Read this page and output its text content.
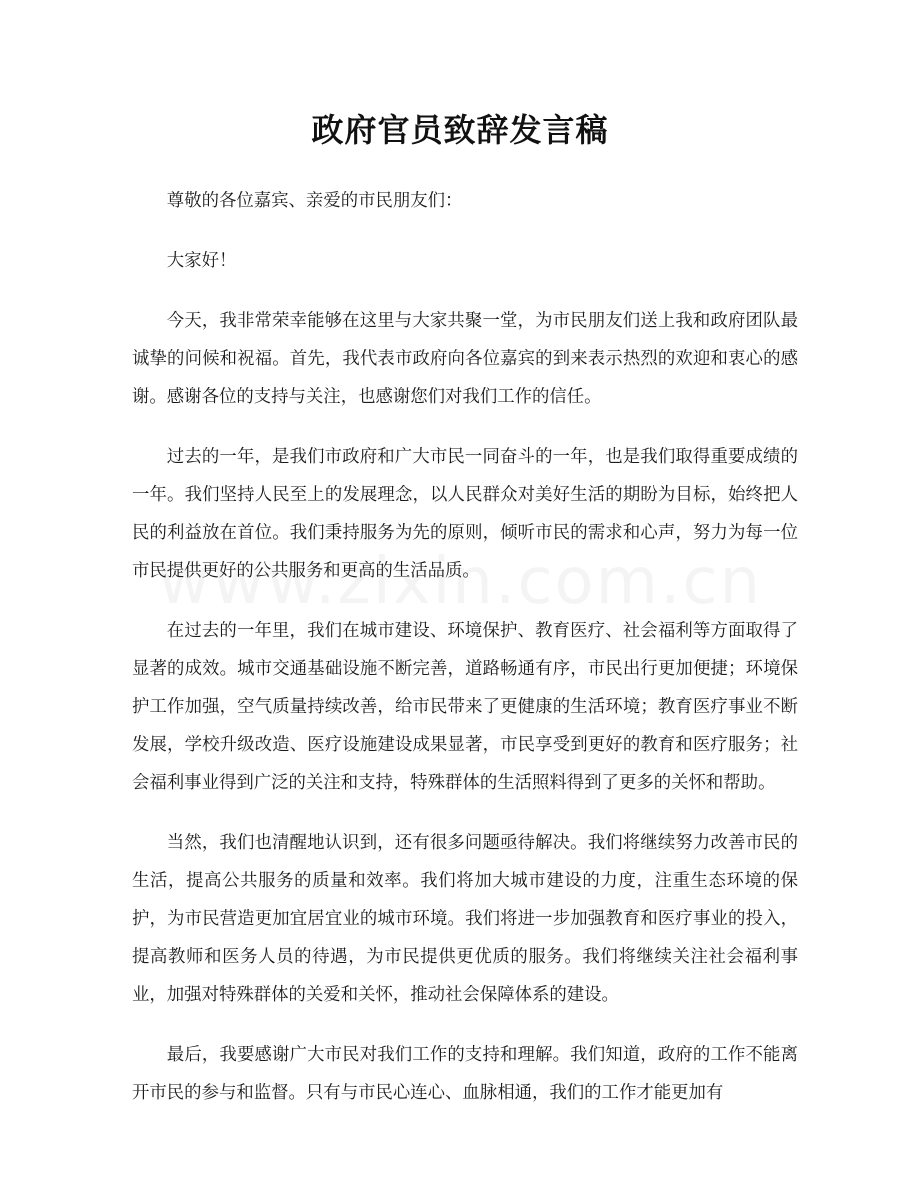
政府官员致辞发言稿

尊敬的各位嘉宾、亲爱的市民朋友们：

大家好！

今天，我非常荣幸能够在这里与大家共聚一堂，为市民朋友们送上我和政府团队最诚挚的问候和祝福。首先，我代表市政府向各位嘉宾的到来表示热烈的欢迎和衷心的感谢。感谢各位的支持与关注，也感谢您们对我们工作的信任。

过去的一年，是我们市政府和广大市民一同奋斗的一年，也是我们取得重要成绩的一年。我们坚持人民至上的发展理念，以人民群众对美好生活的期盼为目标，始终把人民的利益放在首位。我们秉持服务为先的原则，倾听市民的需求和心声，努力为每一位市民提供更好的公共服务和更高的生活品质。

在过去的一年里，我们在城市建设、环境保护、教育医疗、社会福利等方面取得了显著的成效。城市交通基础设施不断完善，道路畅通有序，市民出行更加便捷；环境保护工作加强，空气质量持续改善，给市民带来了更健康的生活环境；教育医疗事业不断发展，学校升级改造、医疗设施建设成果显著，市民享受到更好的教育和医疗服务；社会福利事业得到广泛的关注和支持，特殊群体的生活照料得到了更多的关怀和帮助。

当然，我们也清醒地认识到，还有很多问题亟待解决。我们将继续努力改善市民的生活，提高公共服务的质量和效率。我们将加大城市建设的力度，注重生态环境的保护，为市民营造更加宜居宜业的城市环境。我们将进一步加强教育和医疗事业的投入，提高教师和医务人员的待遇，为市民提供更优质的服务。我们将继续关注社会福利事业，加强对特殊群体的关爱和关怀，推动社会保障体系的建设。

最后，我要感谢广大市民对我们工作的支持和理解。我们知道，政府的工作不能离开市民的参与和监督。只有与市民心连心、血脉相通，我们的工作才能更加有
